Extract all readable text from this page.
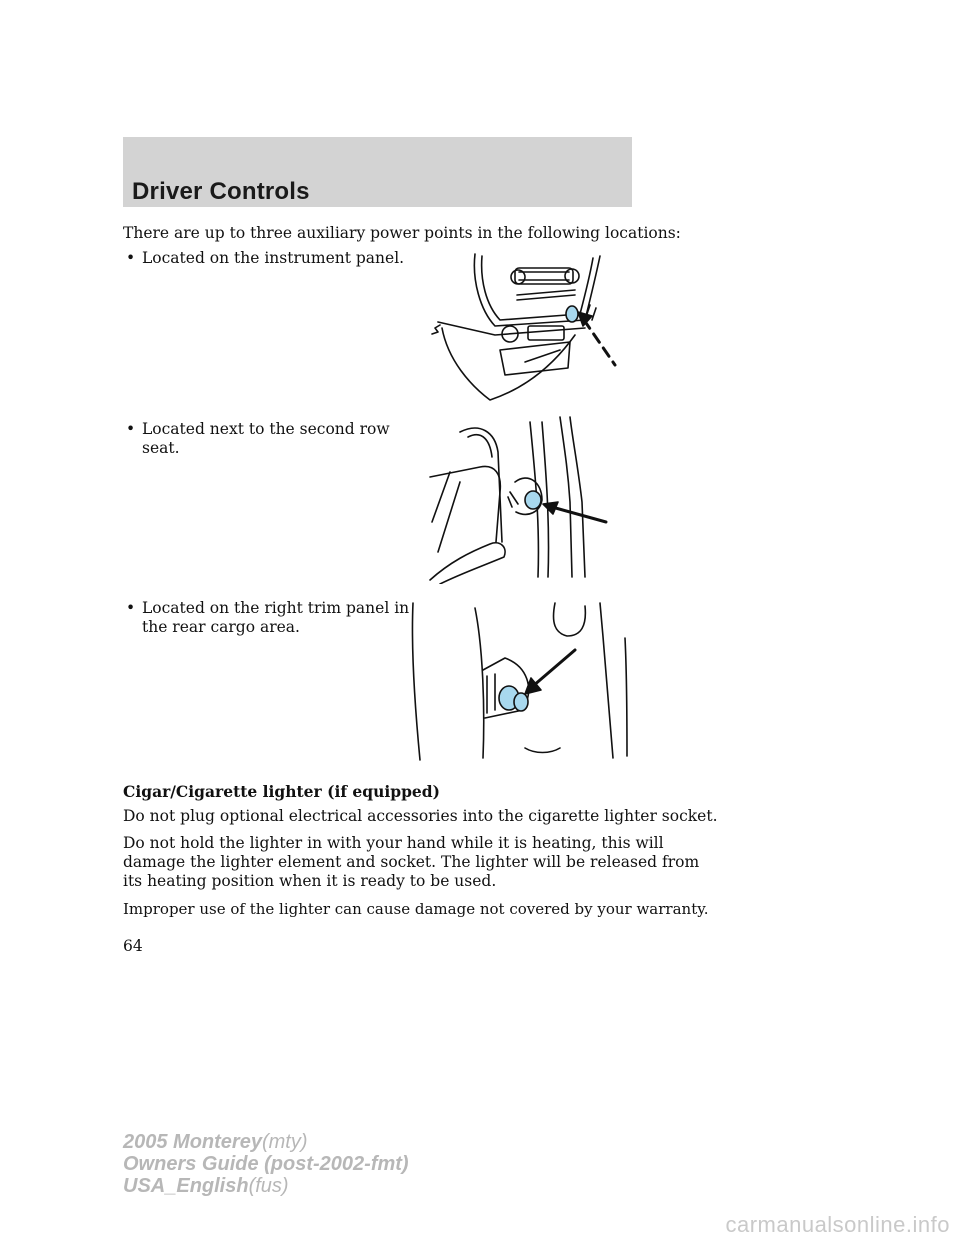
Driver Controls
There are up to three auxiliary power points in the following locations:
• Located on the instrument panel.
• Located next to the second row
seat.
• Located on the right trim panel in
the rear cargo area.
Cigar/Cigarette lighter (if equipped)
Do not plug optional electrical accessories into the cigarette lighter socket.
Do not hold the lighter in with your hand while it is heating, this will
damage the lighter element and socket. The lighter will be released from
its heating position when it is ready to be used.
Improper use of the lighter can cause damage not covered by your warranty.
64
2005 Monterey(mty)
Owners Guide (post-2002-fmt)
USA_English(fus)
carmanualsonline.info
